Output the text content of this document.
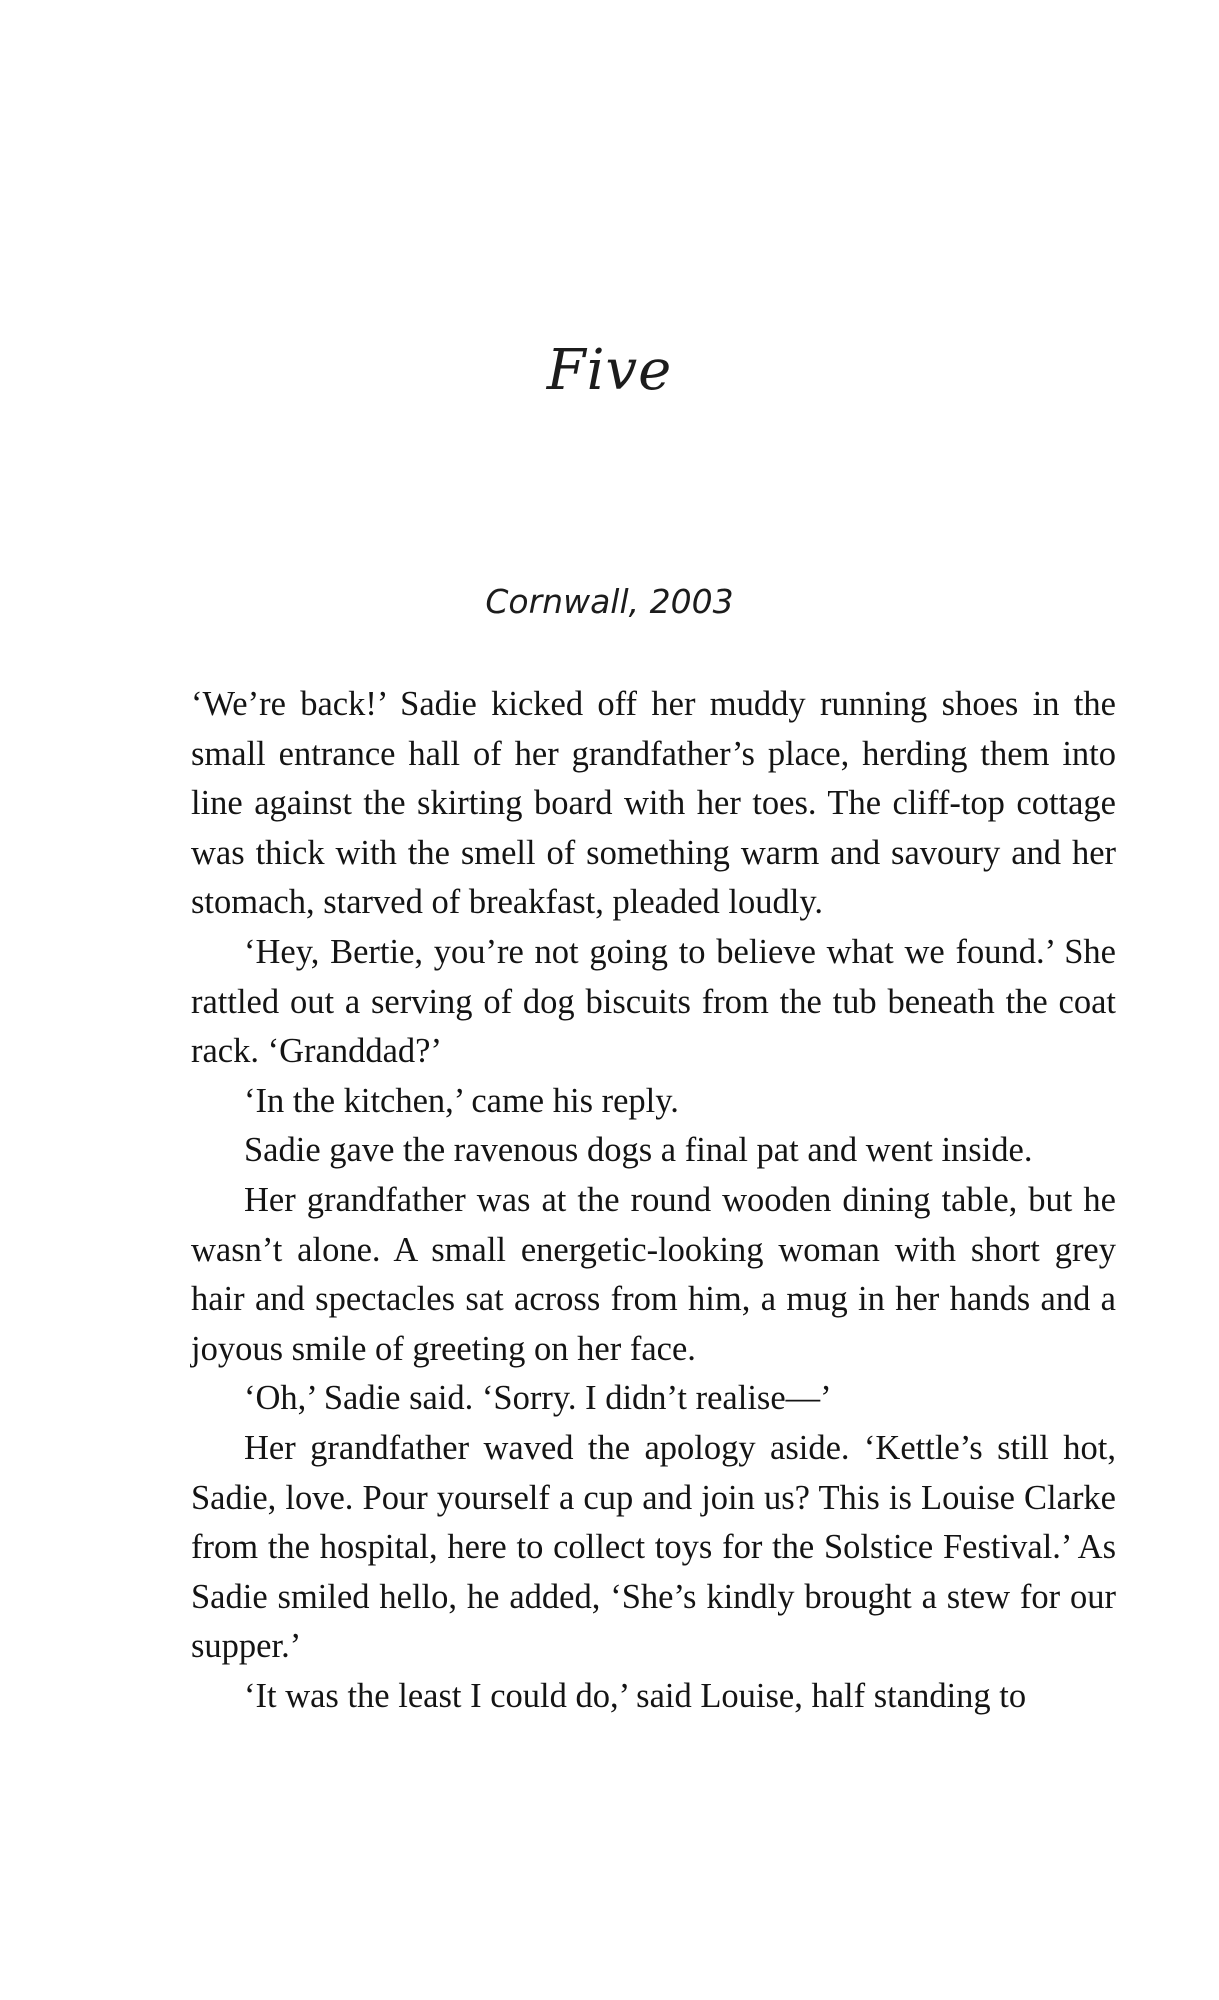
Five
Cornwall, 2003

‘We’re back!’ Sadie kicked off her muddy running shoes in the small entrance hall of her grandfather’s place, herding them into line against the skirting board with her toes. The cliff-top cottage was thick with the smell of something warm and savoury and her stomach, starved of breakfast, pleaded loudly.

‘Hey, Bertie, you’re not going to believe what we found.’ She rattled out a serving of dog biscuits from the tub beneath the coat rack. ‘Granddad?’

‘In the kitchen,’ came his reply.

Sadie gave the ravenous dogs a final pat and went inside.

Her grandfather was at the round wooden dining table, but he wasn’t alone. A small energetic-looking woman with short grey hair and spectacles sat across from him, a mug in her hands and a joyous smile of greeting on her face.

‘Oh,’ Sadie said. ‘Sorry. I didn’t realise—’

Her grandfather waved the apology aside. ‘Kettle’s still hot, Sadie, love. Pour yourself a cup and join us? This is Louise Clarke from the hospital, here to collect toys for the Solstice Festival.’ As Sadie smiled hello, he added, ‘She’s kindly brought a stew for our supper.’

‘It was the least I could do,’ said Louise, half standing to
